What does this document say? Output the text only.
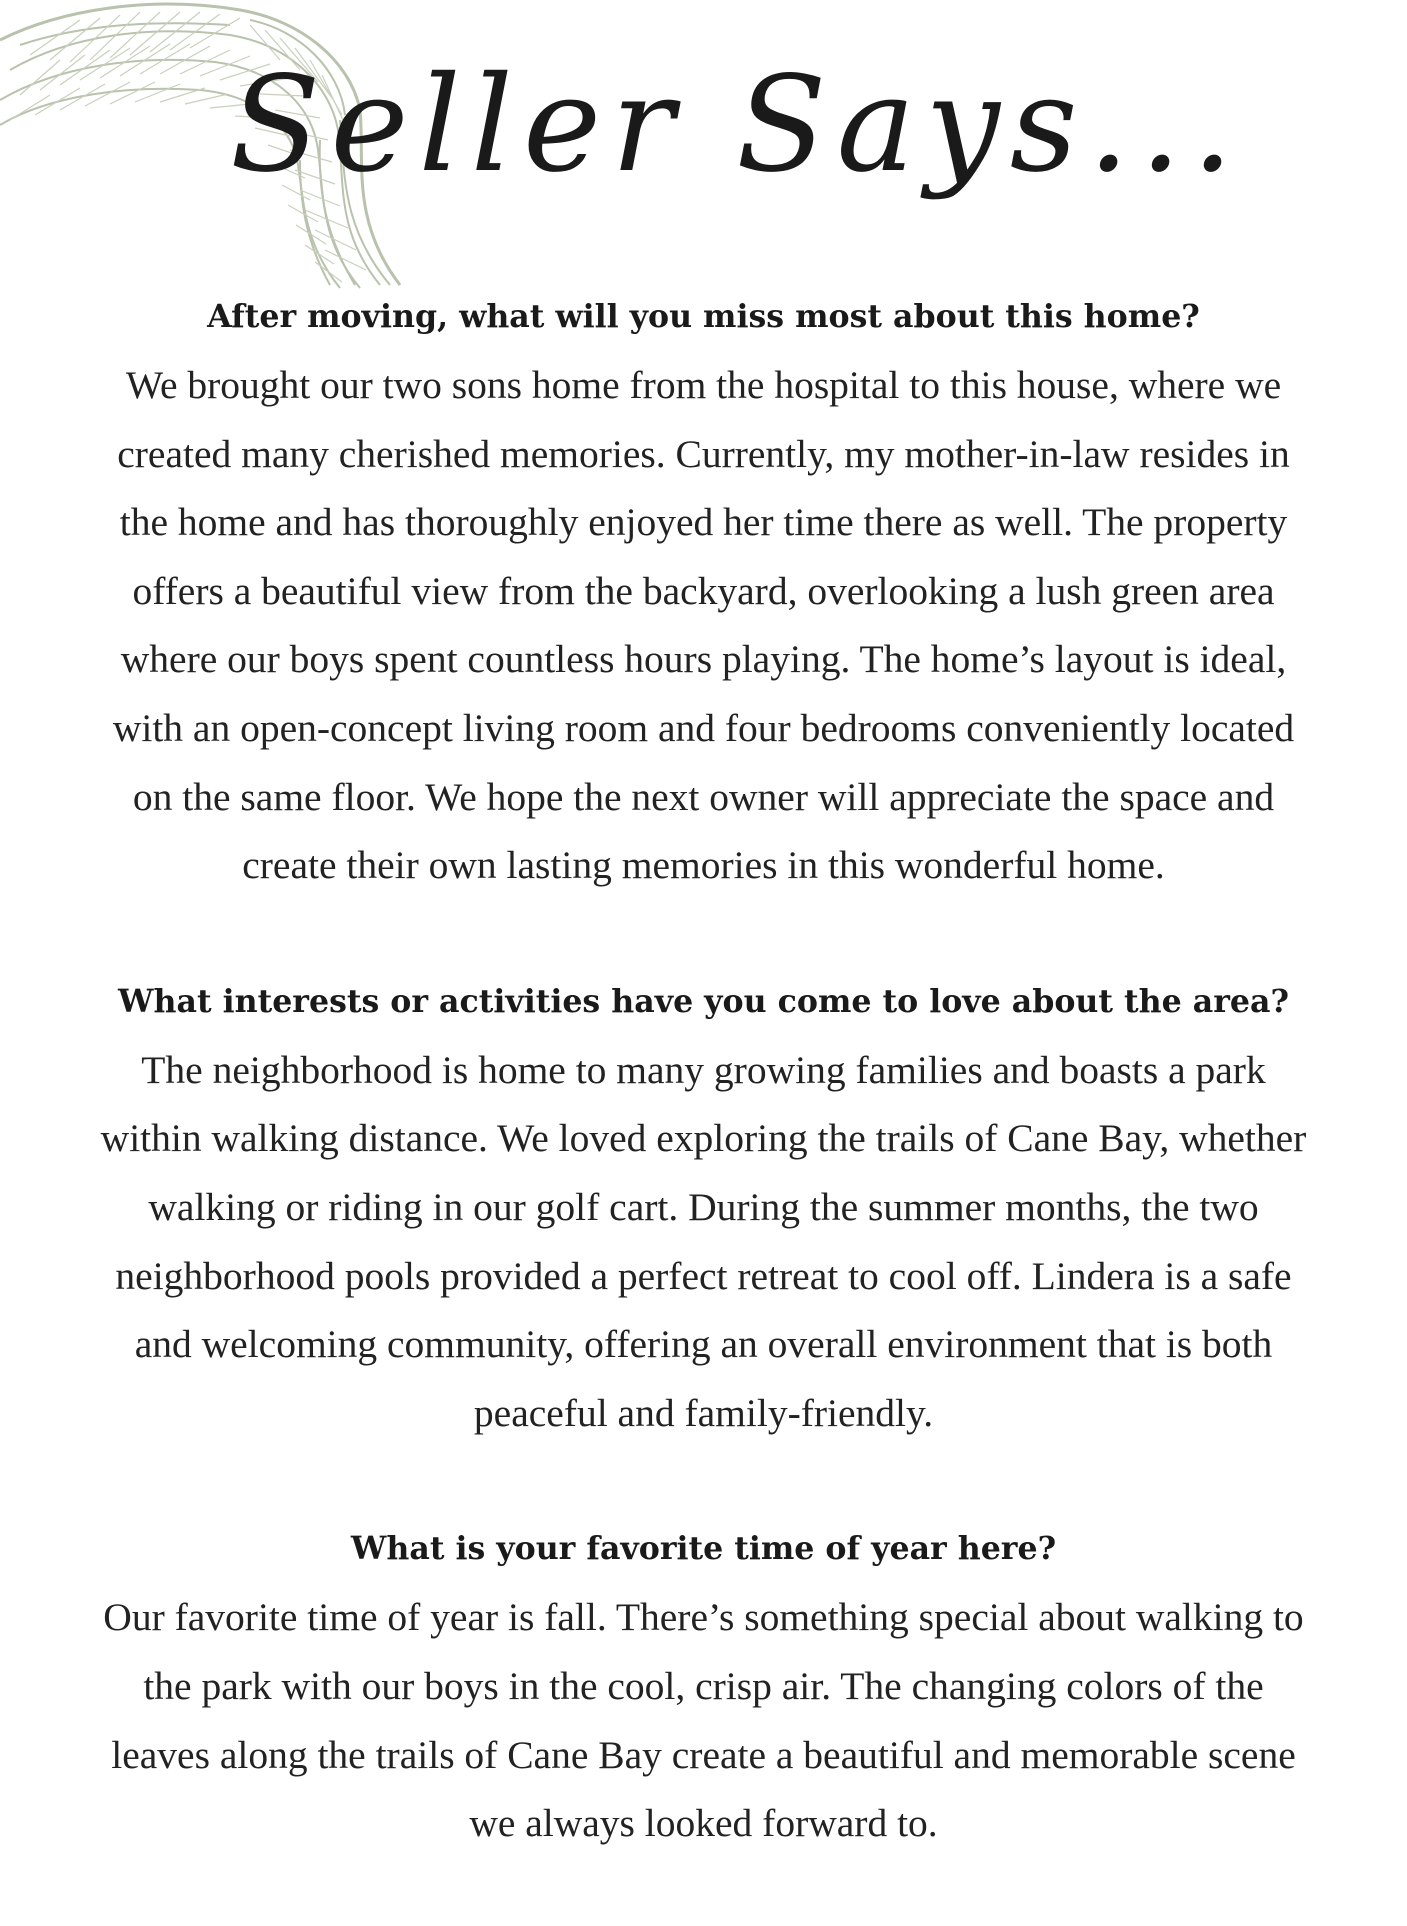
Seller Says...
After moving, what will you miss most about this home?

We brought our two sons home from the hospital to this house, where we
created many cherished memories. Currently, my mother-in-law resides in
the home and has thoroughly enjoyed her time there as well. The property
offers a beautiful view from the backyard, overlooking a lush green area
where our boys spent countless hours playing. The home’s layout is ideal,
with an open-concept living room and four bedrooms conveniently located
on the same floor. We hope the next owner will appreciate the space and
create their own lasting memories in this wonderful home.

What interests or activities have you come to love about the area?

The neighborhood is home to many growing families and boasts a park
within walking distance. We loved exploring the trails of Cane Bay, whether
walking or riding in our golf cart. During the summer months, the two
neighborhood pools provided a perfect retreat to cool off. Lindera is a safe
and welcoming community, offering an overall environment that is both
peaceful and family-friendly.

What is your favorite time of year here?

Our favorite time of year is fall. There’s something special about walking to
the park with our boys in the cool, crisp air. The changing colors of the
leaves along the trails of Cane Bay create a beautiful and memorable scene
we always looked forward to.
